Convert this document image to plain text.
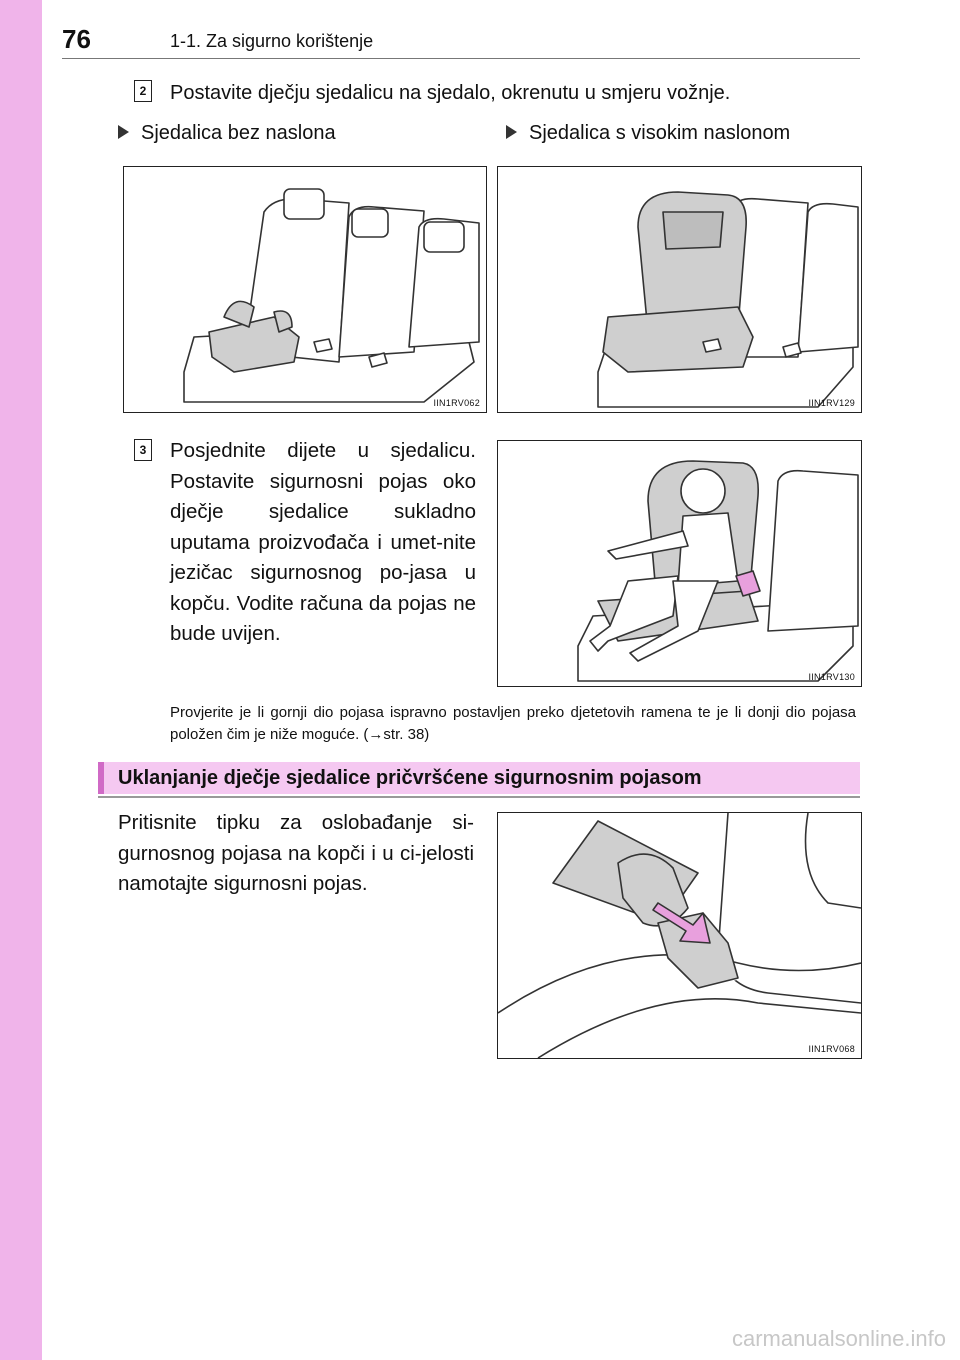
76	1-1. Za sigurno korištenje
2 Postavite dječju sjedalicu na sjedalo, okrenutu u smjeru vožnje.
Sjedalica bez naslona	Sjedalica s visokim naslonom
IIN1RV062	IIN1RV129
3 Posjednite dijete u sjedalicu. Postavite sigurnosni pojas oko dječje sjedalice sukladno uputama proizvođača i umet-nite jezičac sigurnosnog po-jasa u kopču. Vodite računa da pojas ne bude uvijen.
IIN1RV130
Provjerite je li gornji dio pojasa ispravno postavljen preko djetetovih ramena te je li donji dio pojasa položen čim je niže moguće. (→str. 38)
Uklanjanje dječje sjedalice pričvršćene sigurnosnim pojasom
Pritisnite tipku za oslobađanje si-gurnosnog pojasa na kopči i u ci-jelosti namotajte sigurnosni pojas.
IIN1RV068
carmanualsonline.info
